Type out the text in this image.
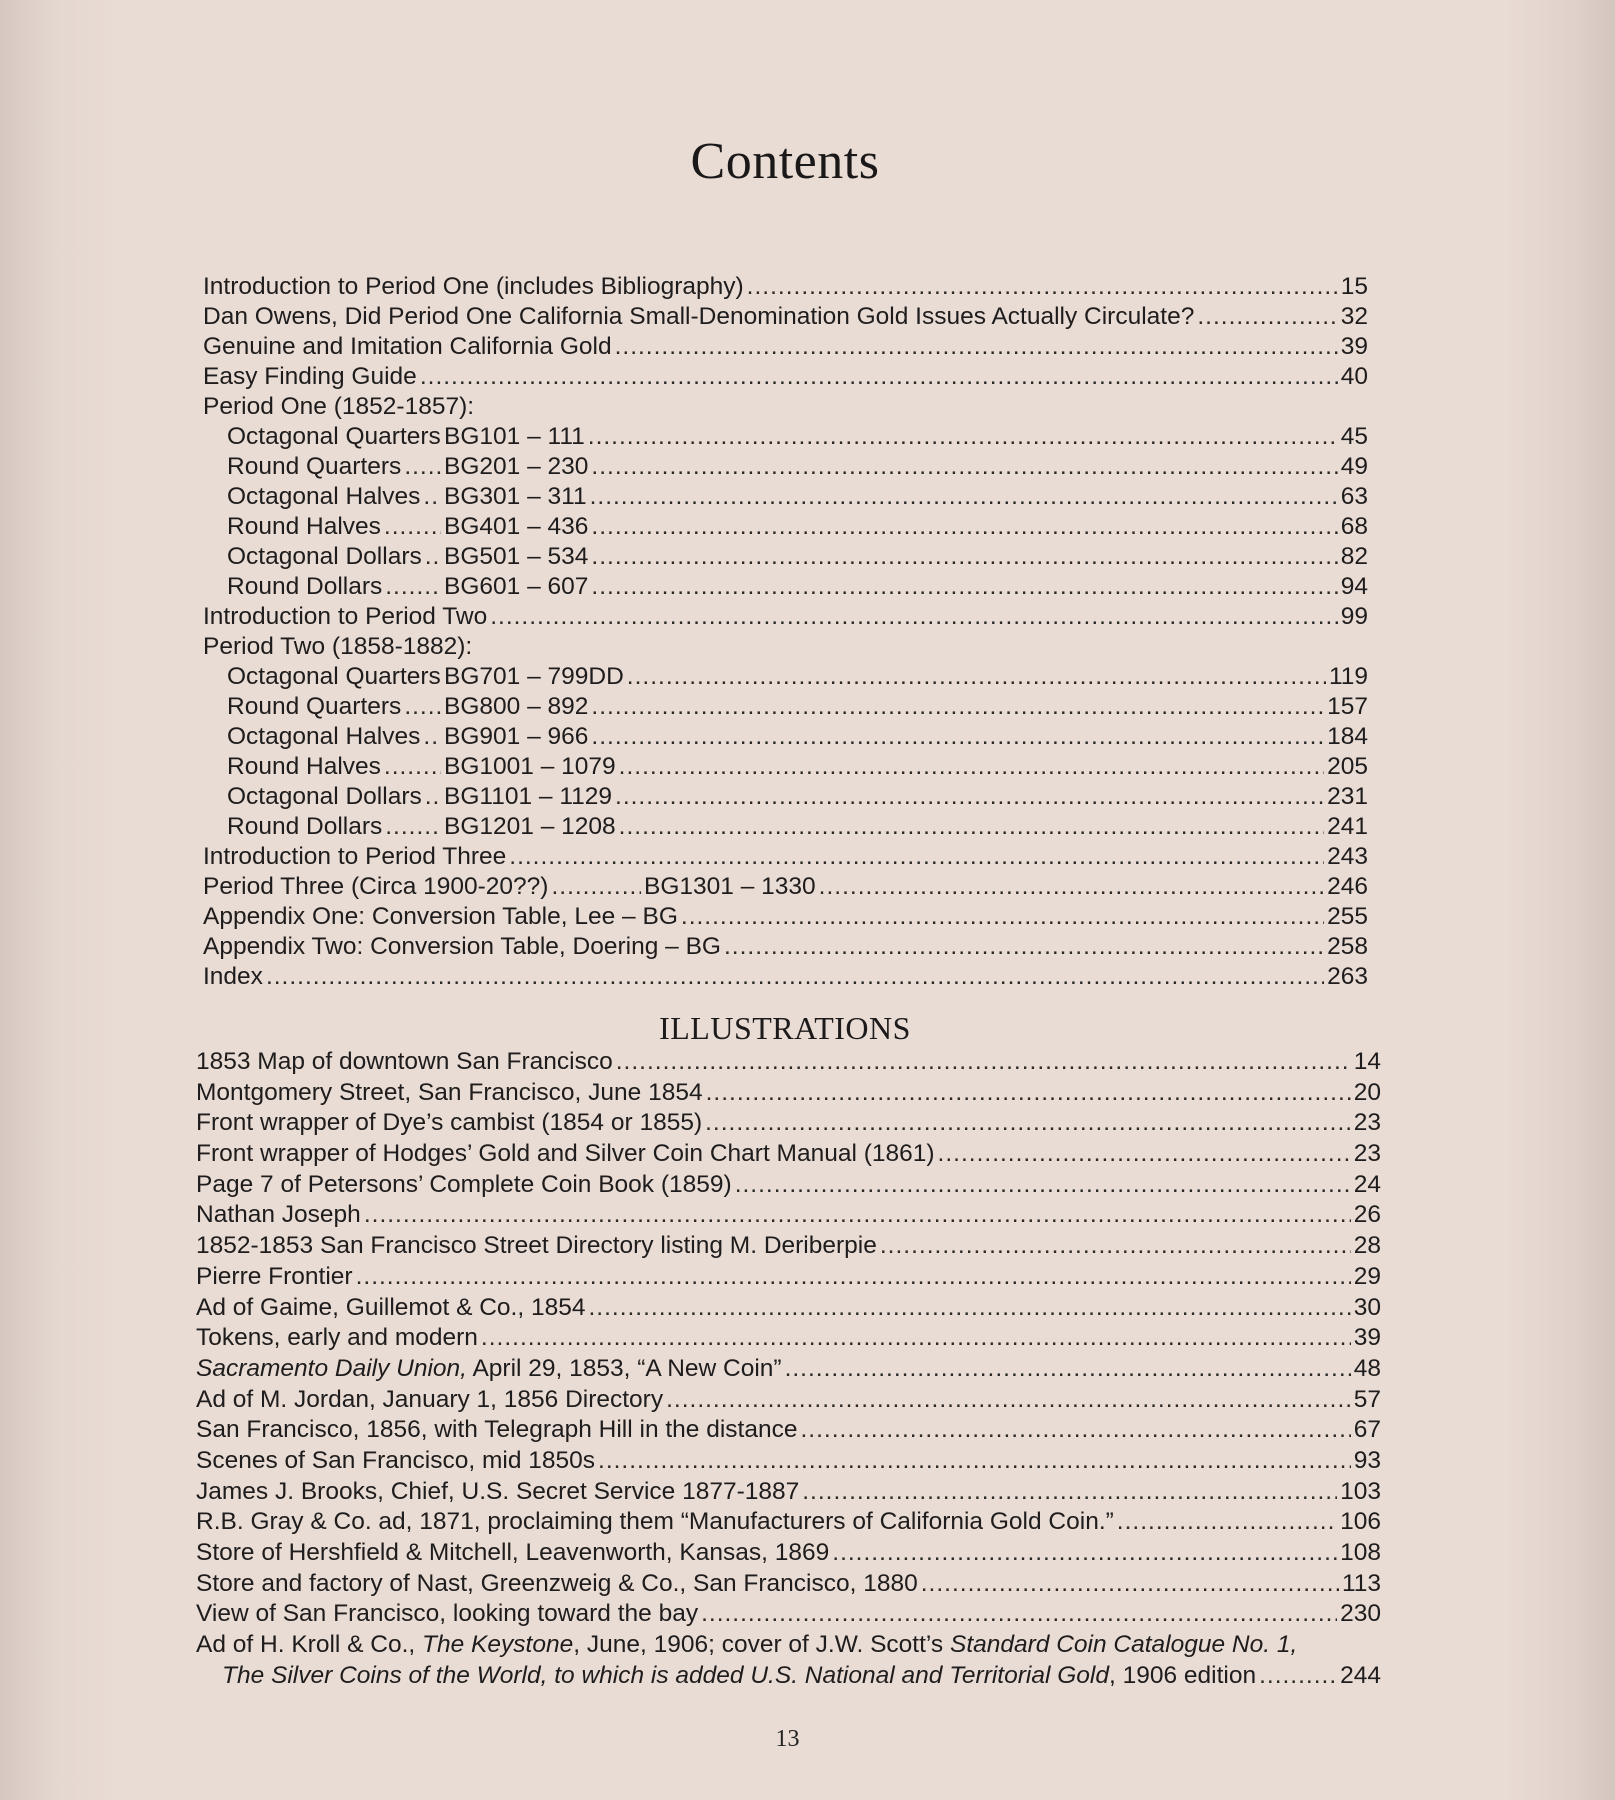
Contents
Introduction to Period One (includes Bibliography) .....	15
Dan Owens, Did Period One California Small-Denomination Gold Issues Actually Circulate? .....	32
Genuine and Imitation California Gold .....	39
Easy Finding Guide .....	40
Period One (1852-1857):
Octagonal Quarters ..... BG101 – 111 .....	45
Round Quarters ..... BG201 – 230 .....	49
Octagonal Halves ..... BG301 – 311 .....	63
Round Halves .....	BG401 – 436 .....	68
Octagonal Dollars ..... BG501 – 534 .....	82
Round Dollars .....	BG601 – 607 .....	94
Introduction to Period Two .....	99
Period Two (1858-1882):
Octagonal Quarters ..... BG701 – 799DD .....	119
Round Quarters ..... BG800 – 892 .....	157
Octagonal Halves ..... BG901 – 966 .....	184
Round Halves .....	BG1001 – 1079 .....	205
Octagonal Dollars ..... BG1101 – 1129 .....	231
Round Dollars .....	BG1201 – 1208 .....	241
Introduction to Period Three .....	243
Period Three (Circa 1900-20??) .....	BG1301 – 1330 .....	246
Appendix One: Conversion Table, Lee – BG .....	255
Appendix Two: Conversion Table, Doering – BG .....	258
Index .....	263
ILLUSTRATIONS
1853 Map of downtown San Francisco .....	14
Montgomery Street, San Francisco, June 1854 .....	20
Front wrapper of Dye’s cambist (1854 or 1855) .....	23
Front wrapper of Hodges’ Gold and Silver Coin Chart Manual (1861) .....	23
Page 7 of Petersons’ Complete Coin Book (1859) .....	24
Nathan Joseph .....	26
1852-1853 San Francisco Street Directory listing M. Deriberpie .....	28
Pierre Frontier .....	29
Ad of Gaime, Guillemot & Co., 1854 .....	30
Tokens, early and modern .....	39
Sacramento Daily Union, April 29, 1853, “A New Coin” .....	48
Ad of M. Jordan, January 1, 1856 Directory .....	57
San Francisco, 1856, with Telegraph Hill in the distance .....	67
Scenes of San Francisco, mid 1850s .....	93
James J. Brooks, Chief, U.S. Secret Service 1877-1887 .....	103
R.B. Gray & Co. ad, 1871, proclaiming them “Manufacturers of California Gold Coin.” .....	106
Store of Hershfield & Mitchell, Leavenworth, Kansas, 1869 .....	108
Store and factory of Nast, Greenzweig & Co., San Francisco, 1880 .....	113
View of San Francisco, looking toward the bay .....	230
Ad of H. Kroll & Co., The Keystone, June, 1906; cover of J.W. Scott’s Standard Coin Catalogue No. 1,
The Silver Coins of the World, to which is added U.S. National and Territorial Gold, 1906 edition .....	244
13
